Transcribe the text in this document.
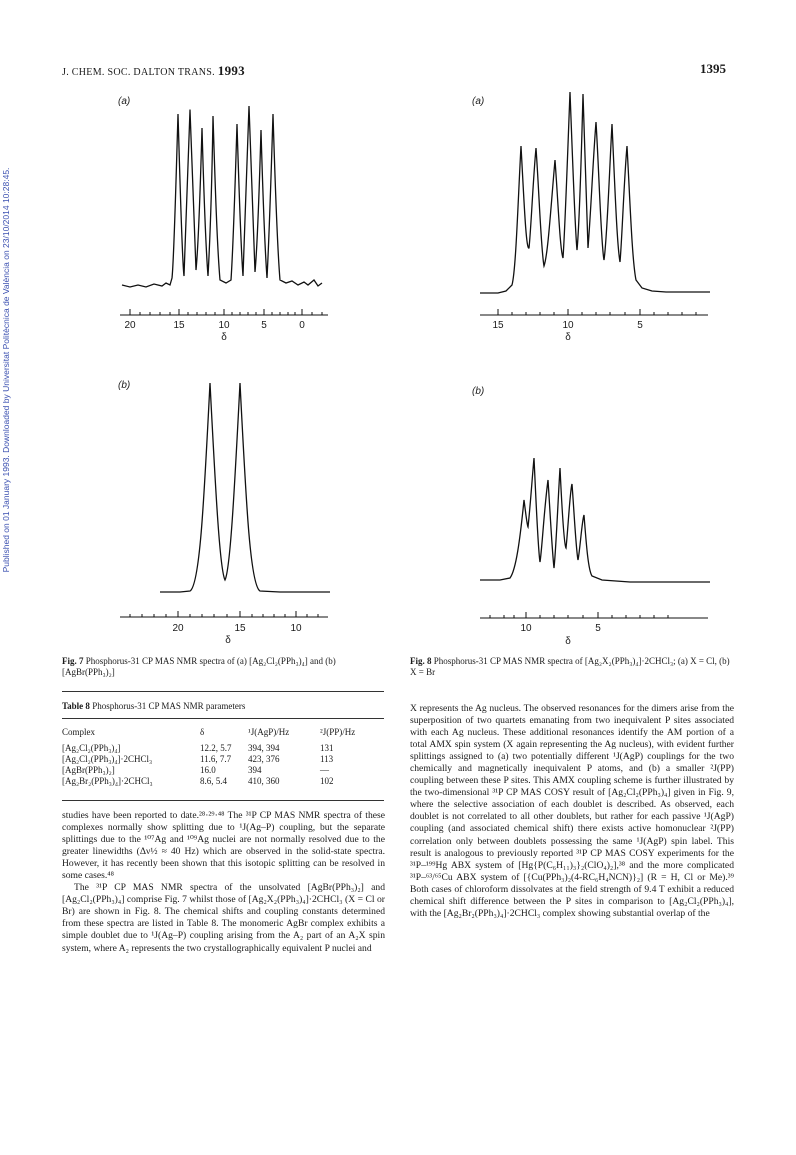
J. CHEM. SOC. DALTON TRANS. 1993	1395
Published on 01 January 1993. Downloaded by Universitat Politècnica de València on 23/10/2014 10:28:45.
(a)
20	15	10	5	0
δ
(b)
20	15	10
δ
(a)
15	10	5
δ
(b)
10	5
δ
Fig. 7 Phosphorus-31 CP MAS NMR spectra of (a) [Ag₂Cl₂(PPh₃)₄] and (b) [AgBr(PPh₃)₂]
Fig. 8 Phosphorus-31 CP MAS NMR spectra of [Ag₂X₂(PPh₃)₄]·2CHCl₃; (a) X = Cl, (b) X = Br
Table 8 Phosphorus-31 CP MAS NMR parameters
Complex	δ	¹J(AgP)/Hz	²J(PP)/Hz

[Ag₂Cl₂(PPh₃)₄]	12.2, 5.7	394, 394	131
[Ag₂Cl₂(PPh₃)₄]·2CHCl₃	11.6, 7.7	423, 376	113
[AgBr(PPh₃)₂]	16.0	394	—
[Ag₂Br₂(PPh₃)₄]·2CHCl₃	8.6, 5.4	410, 360	102

studies have been reported to date.²⁸·²⁹·⁴⁸ The ³¹P CP MAS NMR spectra of these complexes normally show splitting due to ¹J(Ag–P) coupling, but the separate splittings due to the ¹⁰⁷Ag and ¹⁰⁹Ag nuclei are not normally resolved due to the greater linewidths (Δν½ ≈ 40 Hz) which are observed in the solid-state spectra. However, it has recently been shown that this isotopic splitting can be resolved in some cases.⁴⁸

The ³¹P CP MAS NMR spectra of the unsolvated [AgBr(PPh₃)₂] and [Ag₂Cl₂(PPh₃)₄] comprise Fig. 7 whilst those of [Ag₂X₂(PPh₃)₄]·2CHCl₃ (X = Cl or Br) are shown in Fig. 8. The chemical shifts and coupling constants determined from these spectra are listed in Table 8. The monomeric AgBr complex exhibits a simple doublet due to ¹J(Ag–P) coupling arising from the A₂ part of an A₂X spin system, where A₂ represents the two crystallographically equivalent P nuclei and

X represents the Ag nucleus. The observed resonances for the dimers arise from the superposition of two quartets emanating from two inequivalent P sites associated with each Ag nucleus. These additional resonances identify the AM portion of a total AMX spin system (X again representing the Ag nucleus), with evident further splittings assigned to (a) two potentially different ¹J(AgP) couplings for the two chemically and magnetically inequivalent P atoms, and (b) a smaller ²J(PP) coupling between these P sites. This AMX coupling scheme is further illustrated by the two-dimensional ³¹P CP MAS COSY result of [Ag₂Cl₂(PPh₃)₄] given in Fig. 9, where the selective association of each doublet is described. As observed, each doublet is not correlated to all other doublets, but rather for each passive ¹J(AgP) coupling (and associated chemical shift) there exists active homonuclear ²J(PP) correlation only between doublets possessing the same ¹J(AgP) spin label. This result is analogous to previously reported ³¹P CP MAS COSY experiments for the ³¹P–¹⁹⁹Hg ABX system of [Hg{P(C₆H₁₁)₃}₂(ClO₄)₂],³⁸ and the more complicated ³¹P–⁶³/⁶⁵Cu ABX system of [{Cu(PPh₃)₂(4-RC₆H₄NCN)}₂] (R = H, Cl or Me).³⁹ Both cases of chloroform dissolvates at the field strength of 9.4 T exhibit a reduced chemical shift difference between the P sites in comparison to [Ag₂Cl₂(PPh₃)₄], with the [Ag₂Br₂(PPh₃)₄]·2CHCl₃ complex showing substantial overlap of the
